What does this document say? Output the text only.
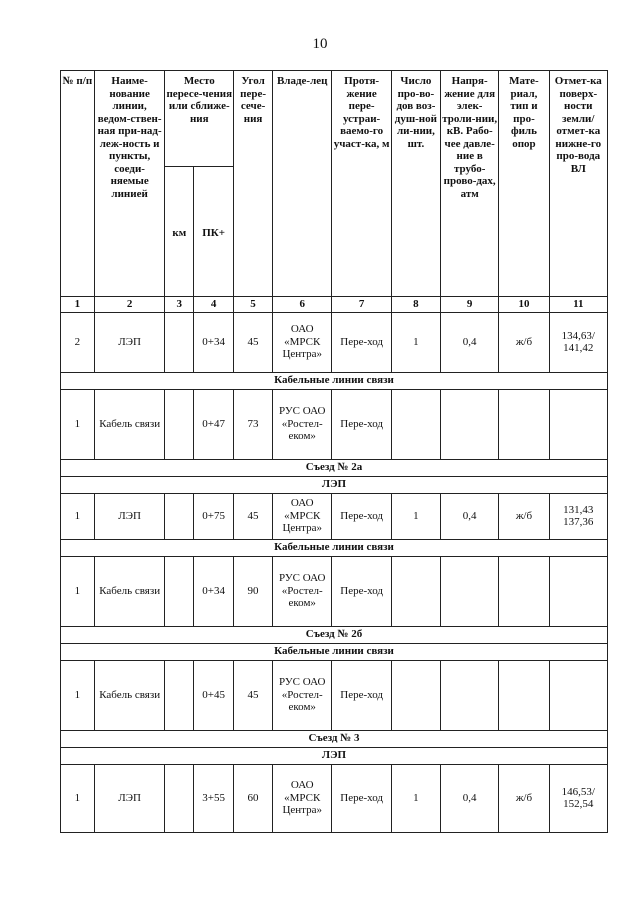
10
№ п/п	Наиме-нование линии, ведом-ствен-ная при-над-леж-ность и пункты, соеди-няемые линией	Место пересе-чения или сближе-ния		Угол пере-сече-ния	Владе-лец	Протя-жение пере-устраи-ваемо-го участ-ка, м	Число про-во-дов воз-душ-ной ли-нии, шт.	Напря-жение для элек-троли-нии, кВ. Рабо-чее давле-ние в трубо-прово-дах, атм	Мате-риал, тип и про-филь опор	Отмет-ка поверх-ности земли/ отмет-ка нижне-го про-вода ВЛ
		км	ПК+							
1	2	3	4	5	6	7	8	9	10	11
2	ЛЭП		0+34	45	ОАО «МРСК Центра»	Пере-ход	1	0,4	ж/б	134,63/ 141,42
Кабельные линии связи										
1	Кабель связи		0+47	73	РУС ОАО «Ростел-еком»	Пере-ход				
Съезд № 2а										
ЛЭП										
1	ЛЭП		0+75	45	ОАО «МРСК Центра»	Пере-ход	1	0,4	ж/б	131,43 137,36
Кабельные линии связи										
1	Кабель связи		0+34	90	РУС ОАО «Ростел-еком»	Пере-ход				
Съезд № 2б										
Кабельные линии связи										
1	Кабель связи		0+45	45	РУС ОАО «Ростел-еком»	Пере-ход				
Съезд № 3										
ЛЭП										
1	ЛЭП		3+55	60	ОАО «МРСК Центра»	Пере-ход	1	0,4	ж/б	146,53/ 152,54
